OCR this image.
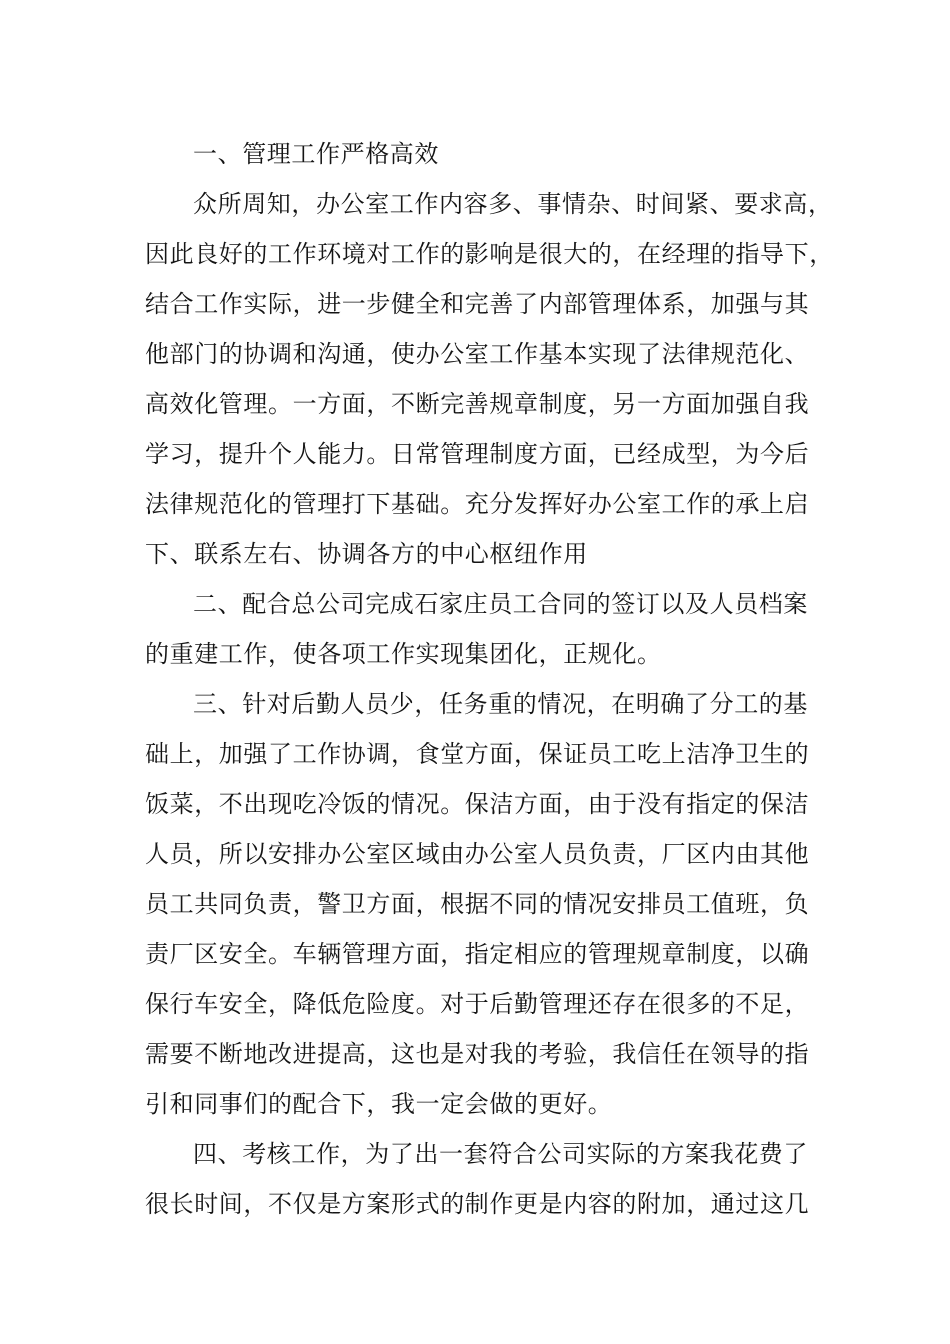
一、管理工作严格高效

众所周知，办公室工作内容多、事情杂、时间紧、要求高，

因此良好的工作环境对工作的影响是很大的，在经理的指导下，

结合工作实际，进一步健全和完善了内部管理体系，加强与其

他部门的协调和沟通，使办公室工作基本实现了法律规范化、

高效化管理。一方面，不断完善规章制度，另一方面加强自我

学习，提升个人能力。日常管理制度方面，已经成型，为今后

法律规范化的管理打下基础。充分发挥好办公室工作的承上启

下、联系左右、协调各方的中心枢纽作用

二、配合总公司完成石家庄员工合同的签订以及人员档案

的重建工作，使各项工作实现集团化，正规化。

三、针对后勤人员少，任务重的情况，在明确了分工的基

础上，加强了工作协调，食堂方面，保证员工吃上洁净卫生的

饭菜，不出现吃冷饭的情况。保洁方面，由于没有指定的保洁

人员，所以安排办公室区域由办公室人员负责，厂区内由其他

员工共同负责，警卫方面，根据不同的情况安排员工值班，负

责厂区安全。车辆管理方面，指定相应的管理规章制度，以确

保行车安全，降低危险度。对于后勤管理还存在很多的不足，

需要不断地改进提高，这也是对我的考验，我信任在领导的指

引和同事们的配合下，我一定会做的更好。

四、考核工作，为了出一套符合公司实际的方案我花费了

很长时间，不仅是方案形式的制作更是内容的附加，通过这几
